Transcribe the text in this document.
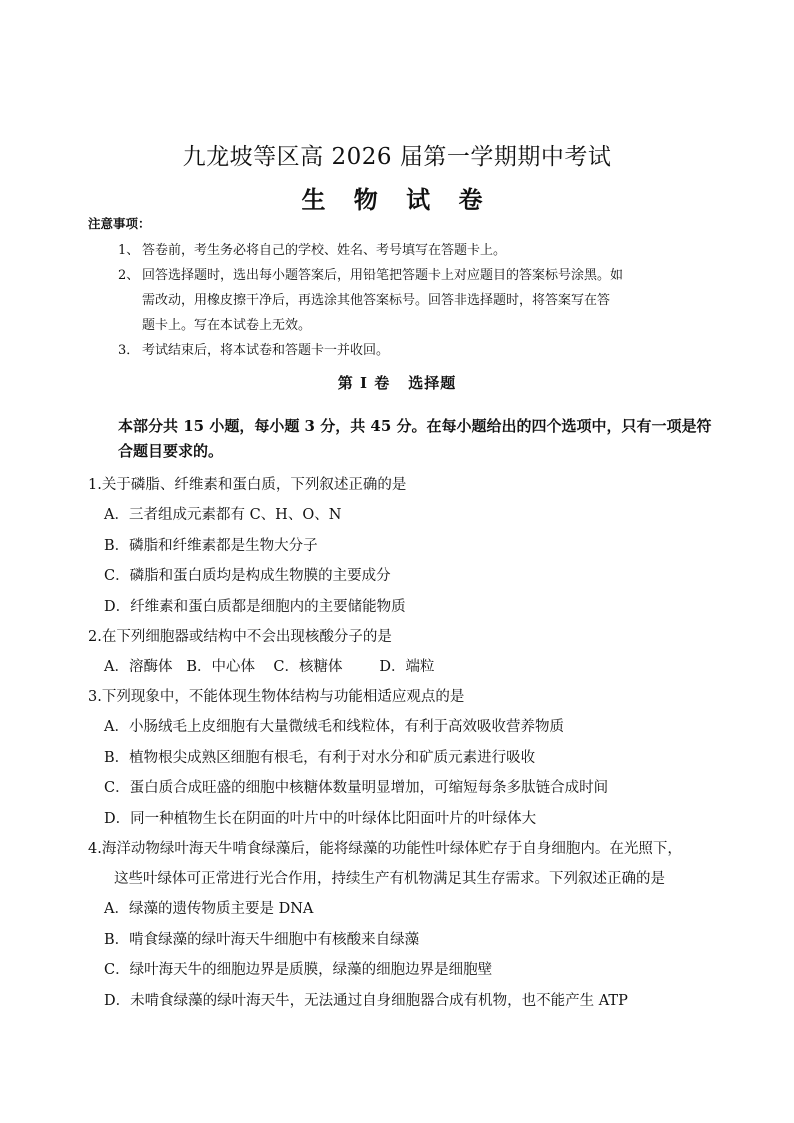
九龙坡等区高 2026 届第一学期期中考试
生 物 试 卷
注意事项：
1、 答卷前，考生务必将自己的学校、姓名、考号填写在答题卡上。
2、 回答选择题时，选出每小题答案后，用铅笔把答题卡上对应题目的答案标号涂黑。如
需改动，用橡皮擦干净后，再选涂其他答案标号。回答非选择题时，将答案写在答
题卡上。写在本试卷上无效。
3． 考试结束后，将本试卷和答题卡一并收回。
第 I 卷 选择题
本部分共 15 小题，每小题 3 分，共 45 分。在每小题给出的四个选项中，只有一项是符
合题目要求的。
1.关于磷脂、纤维素和蛋白质，下列叙述正确的是
A．三者组成元素都有 C、H、O、N
B．磷脂和纤维素都是生物大分子
C．磷脂和蛋白质均是构成生物膜的主要成分
D．纤维素和蛋白质都是细胞内的主要储能物质
2.在下列细胞器或结构中不会出现核酸分子的是
A．溶酶体 B．中心体 C．核糖体	D．端粒
3.下列现象中，不能体现生物体结构与功能相适应观点的是
A．小肠绒毛上皮细胞有大量微绒毛和线粒体，有利于高效吸收营养物质
B．植物根尖成熟区细胞有根毛，有利于对水分和矿质元素进行吸收
C．蛋白质合成旺盛的细胞中核糖体数量明显增加，可缩短每条多肽链合成时间
D．同一种植物生长在阴面的叶片中的叶绿体比阳面叶片的叶绿体大
4.海洋动物绿叶海天牛啃食绿藻后，能将绿藻的功能性叶绿体贮存于自身细胞内。在光照下，
这些叶绿体可正常进行光合作用，持续生产有机物满足其生存需求。下列叙述正确的是
A．绿藻的遗传物质主要是 DNA
B．啃食绿藻的绿叶海天牛细胞中有核酸来自绿藻
C．绿叶海天牛的细胞边界是质膜，绿藻的细胞边界是细胞壁
D．未啃食绿藻的绿叶海天牛，无法通过自身细胞器合成有机物，也不能产生 ATP
